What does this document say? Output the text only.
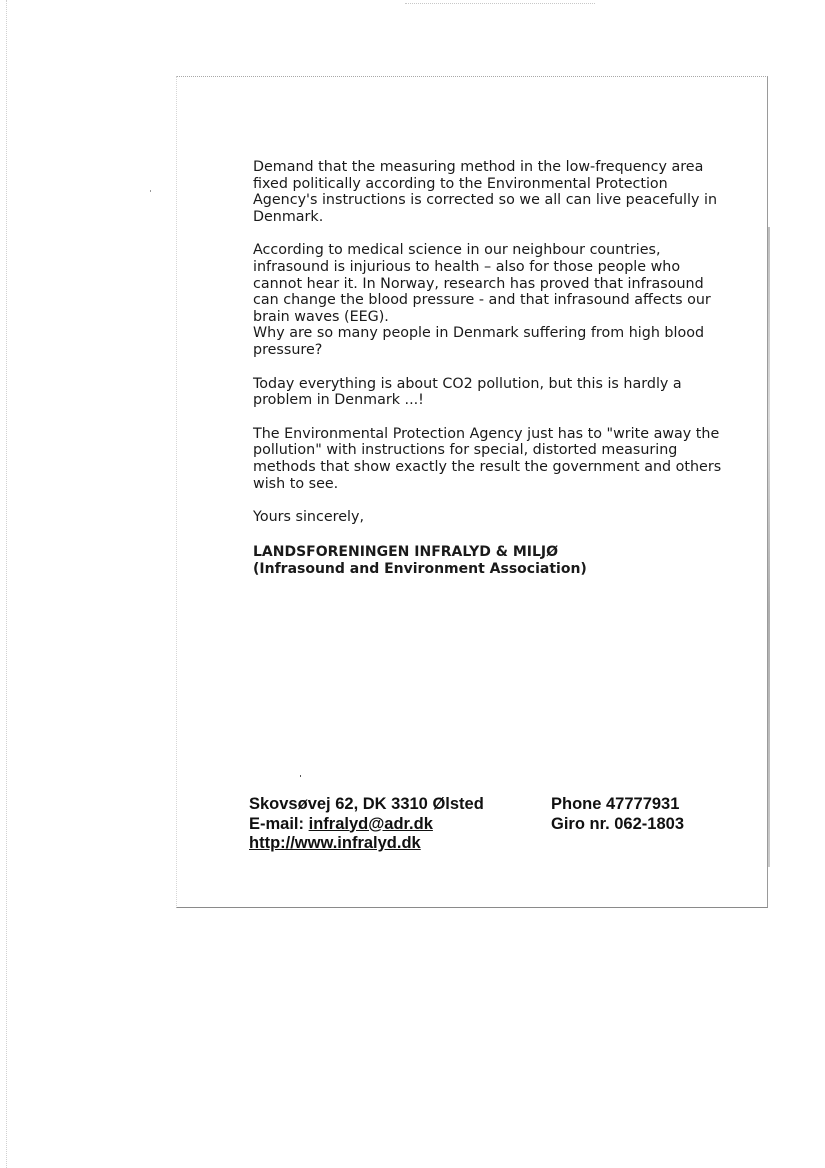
Demand that the measuring method in the low-frequency area
fixed politically according to the Environmental Protection
Agency's instructions is corrected so we all can live peacefully in
Denmark.

According to medical science in our neighbour countries,
infrasound is injurious to health – also for those people who
cannot hear it. In Norway, research has proved that infrasound
can change the blood pressure - and that infrasound affects our
brain waves (EEG).

Why are so many people in Denmark suffering from high blood
pressure?

Today everything is about CO2 pollution, but this is hardly a
problem in Denmark ...!

The Environmental Protection Agency just has to "write away the
pollution" with instructions for special, distorted measuring
methods that show exactly the result the government and others
wish to see.

Yours sincerely,

LANDSFORENINGEN INFRALYD & MILJØ

(Infrasound and Environment Association)

Skovsøvej 62, DK 3310 Ølsted
E-mail: infralyd@adr.dk
http://www.infralyd.dk
Phone 47777931
Giro nr. 062-1803
